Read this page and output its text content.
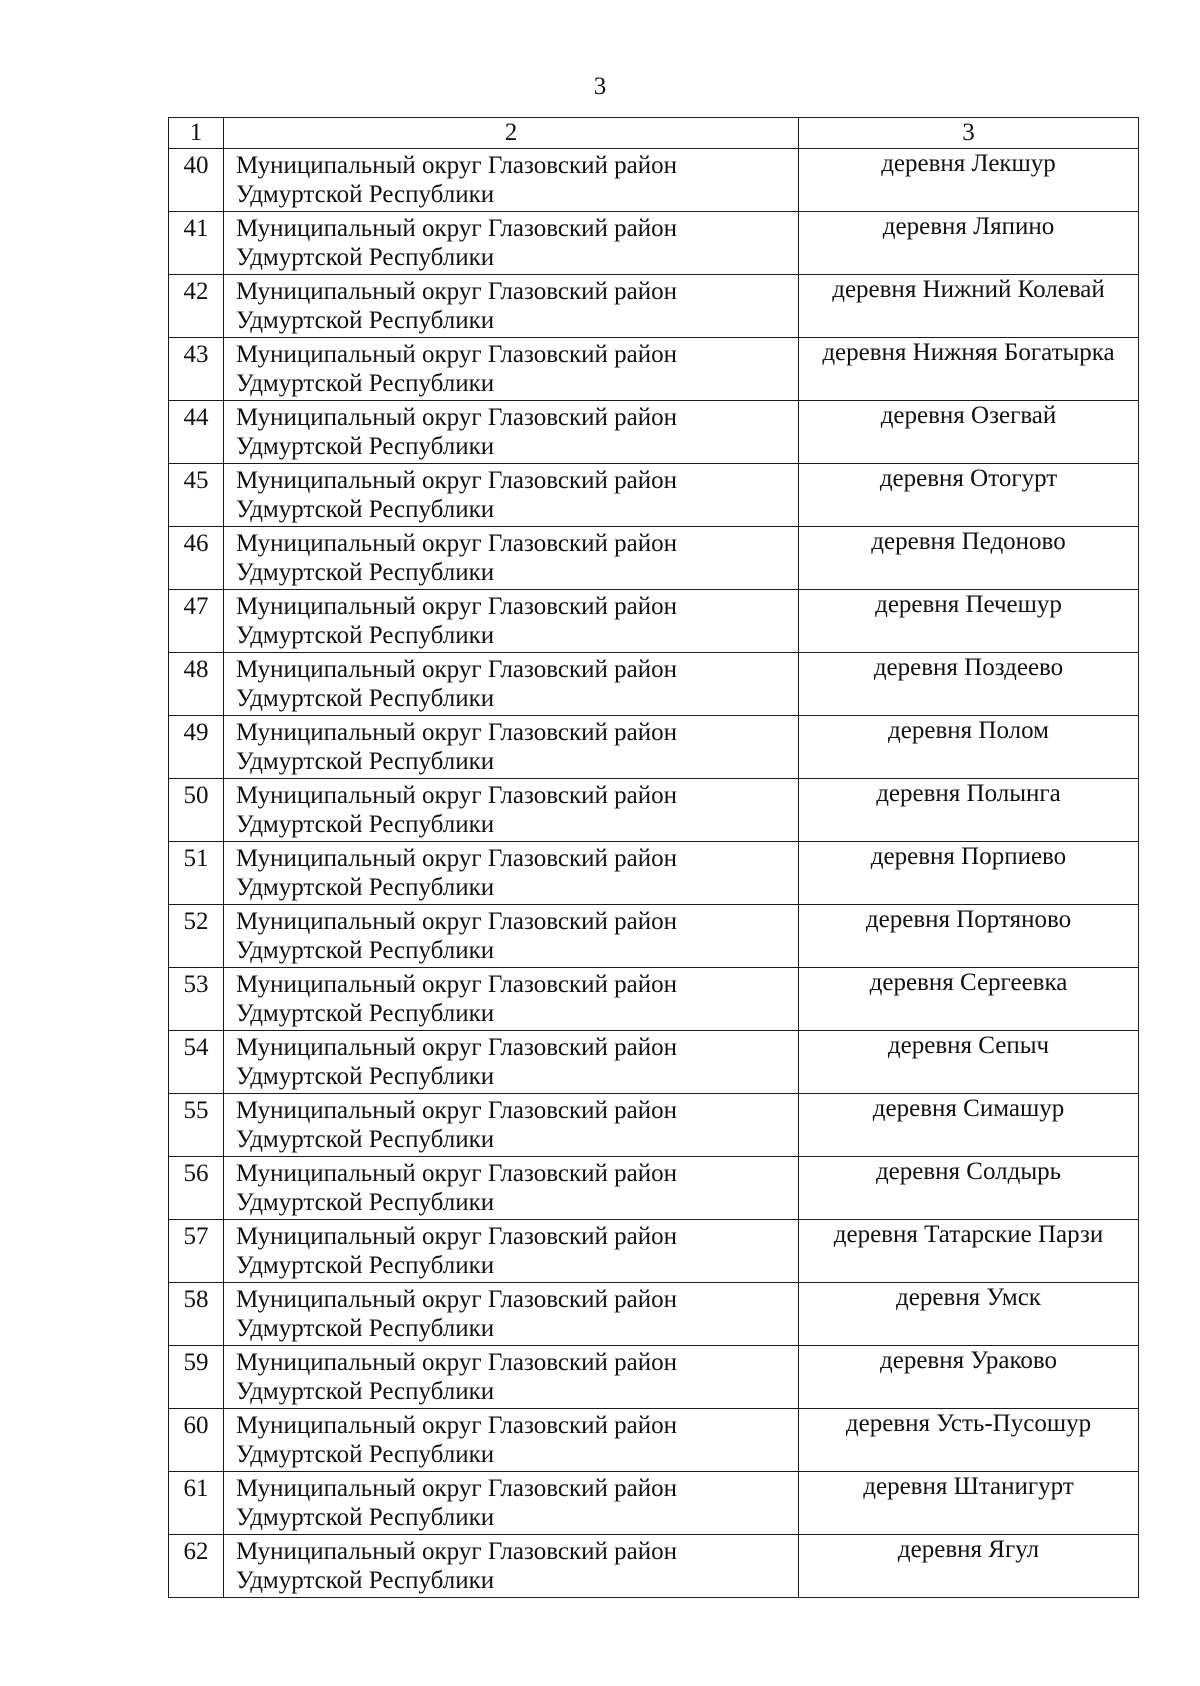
3
1	2	3
40	Муниципальный округ Глазовский район Удмуртской Республики	деревня Лекшур
41	Муниципальный округ Глазовский район Удмуртской Республики	деревня Ляпино
42	Муниципальный округ Глазовский район Удмуртской Республики	деревня Нижний Колевай
43	Муниципальный округ Глазовский район Удмуртской Республики	деревня Нижняя Богатырка
44	Муниципальный округ Глазовский район Удмуртской Республики	деревня Озегвай
45	Муниципальный округ Глазовский район Удмуртской Республики	деревня Отогурт
46	Муниципальный округ Глазовский район Удмуртской Республики	деревня Педоново
47	Муниципальный округ Глазовский район Удмуртской Республики	деревня Печешур
48	Муниципальный округ Глазовский район Удмуртской Республики	деревня Поздеево
49	Муниципальный округ Глазовский район Удмуртской Республики	деревня Полом
50	Муниципальный округ Глазовский район Удмуртской Республики	деревня Полынга
51	Муниципальный округ Глазовский район Удмуртской Республики	деревня Порпиево
52	Муниципальный округ Глазовский район Удмуртской Республики	деревня Портяново
53	Муниципальный округ Глазовский район Удмуртской Республики	деревня Сергеевка
54	Муниципальный округ Глазовский район Удмуртской Республики	деревня Сепыч
55	Муниципальный округ Глазовский район Удмуртской Республики	деревня Симашур
56	Муниципальный округ Глазовский район Удмуртской Республики	деревня Солдырь
57	Муниципальный округ Глазовский район Удмуртской Республики	деревня Татарские Парзи
58	Муниципальный округ Глазовский район Удмуртской Республики	деревня Умск
59	Муниципальный округ Глазовский район Удмуртской Республики	деревня Ураково
60	Муниципальный округ Глазовский район Удмуртской Республики	деревня Усть-Пусошур
61	Муниципальный округ Глазовский район Удмуртской Республики	деревня Штанигурт
62	Муниципальный округ Глазовский район Удмуртской Республики	деревня Ягул
